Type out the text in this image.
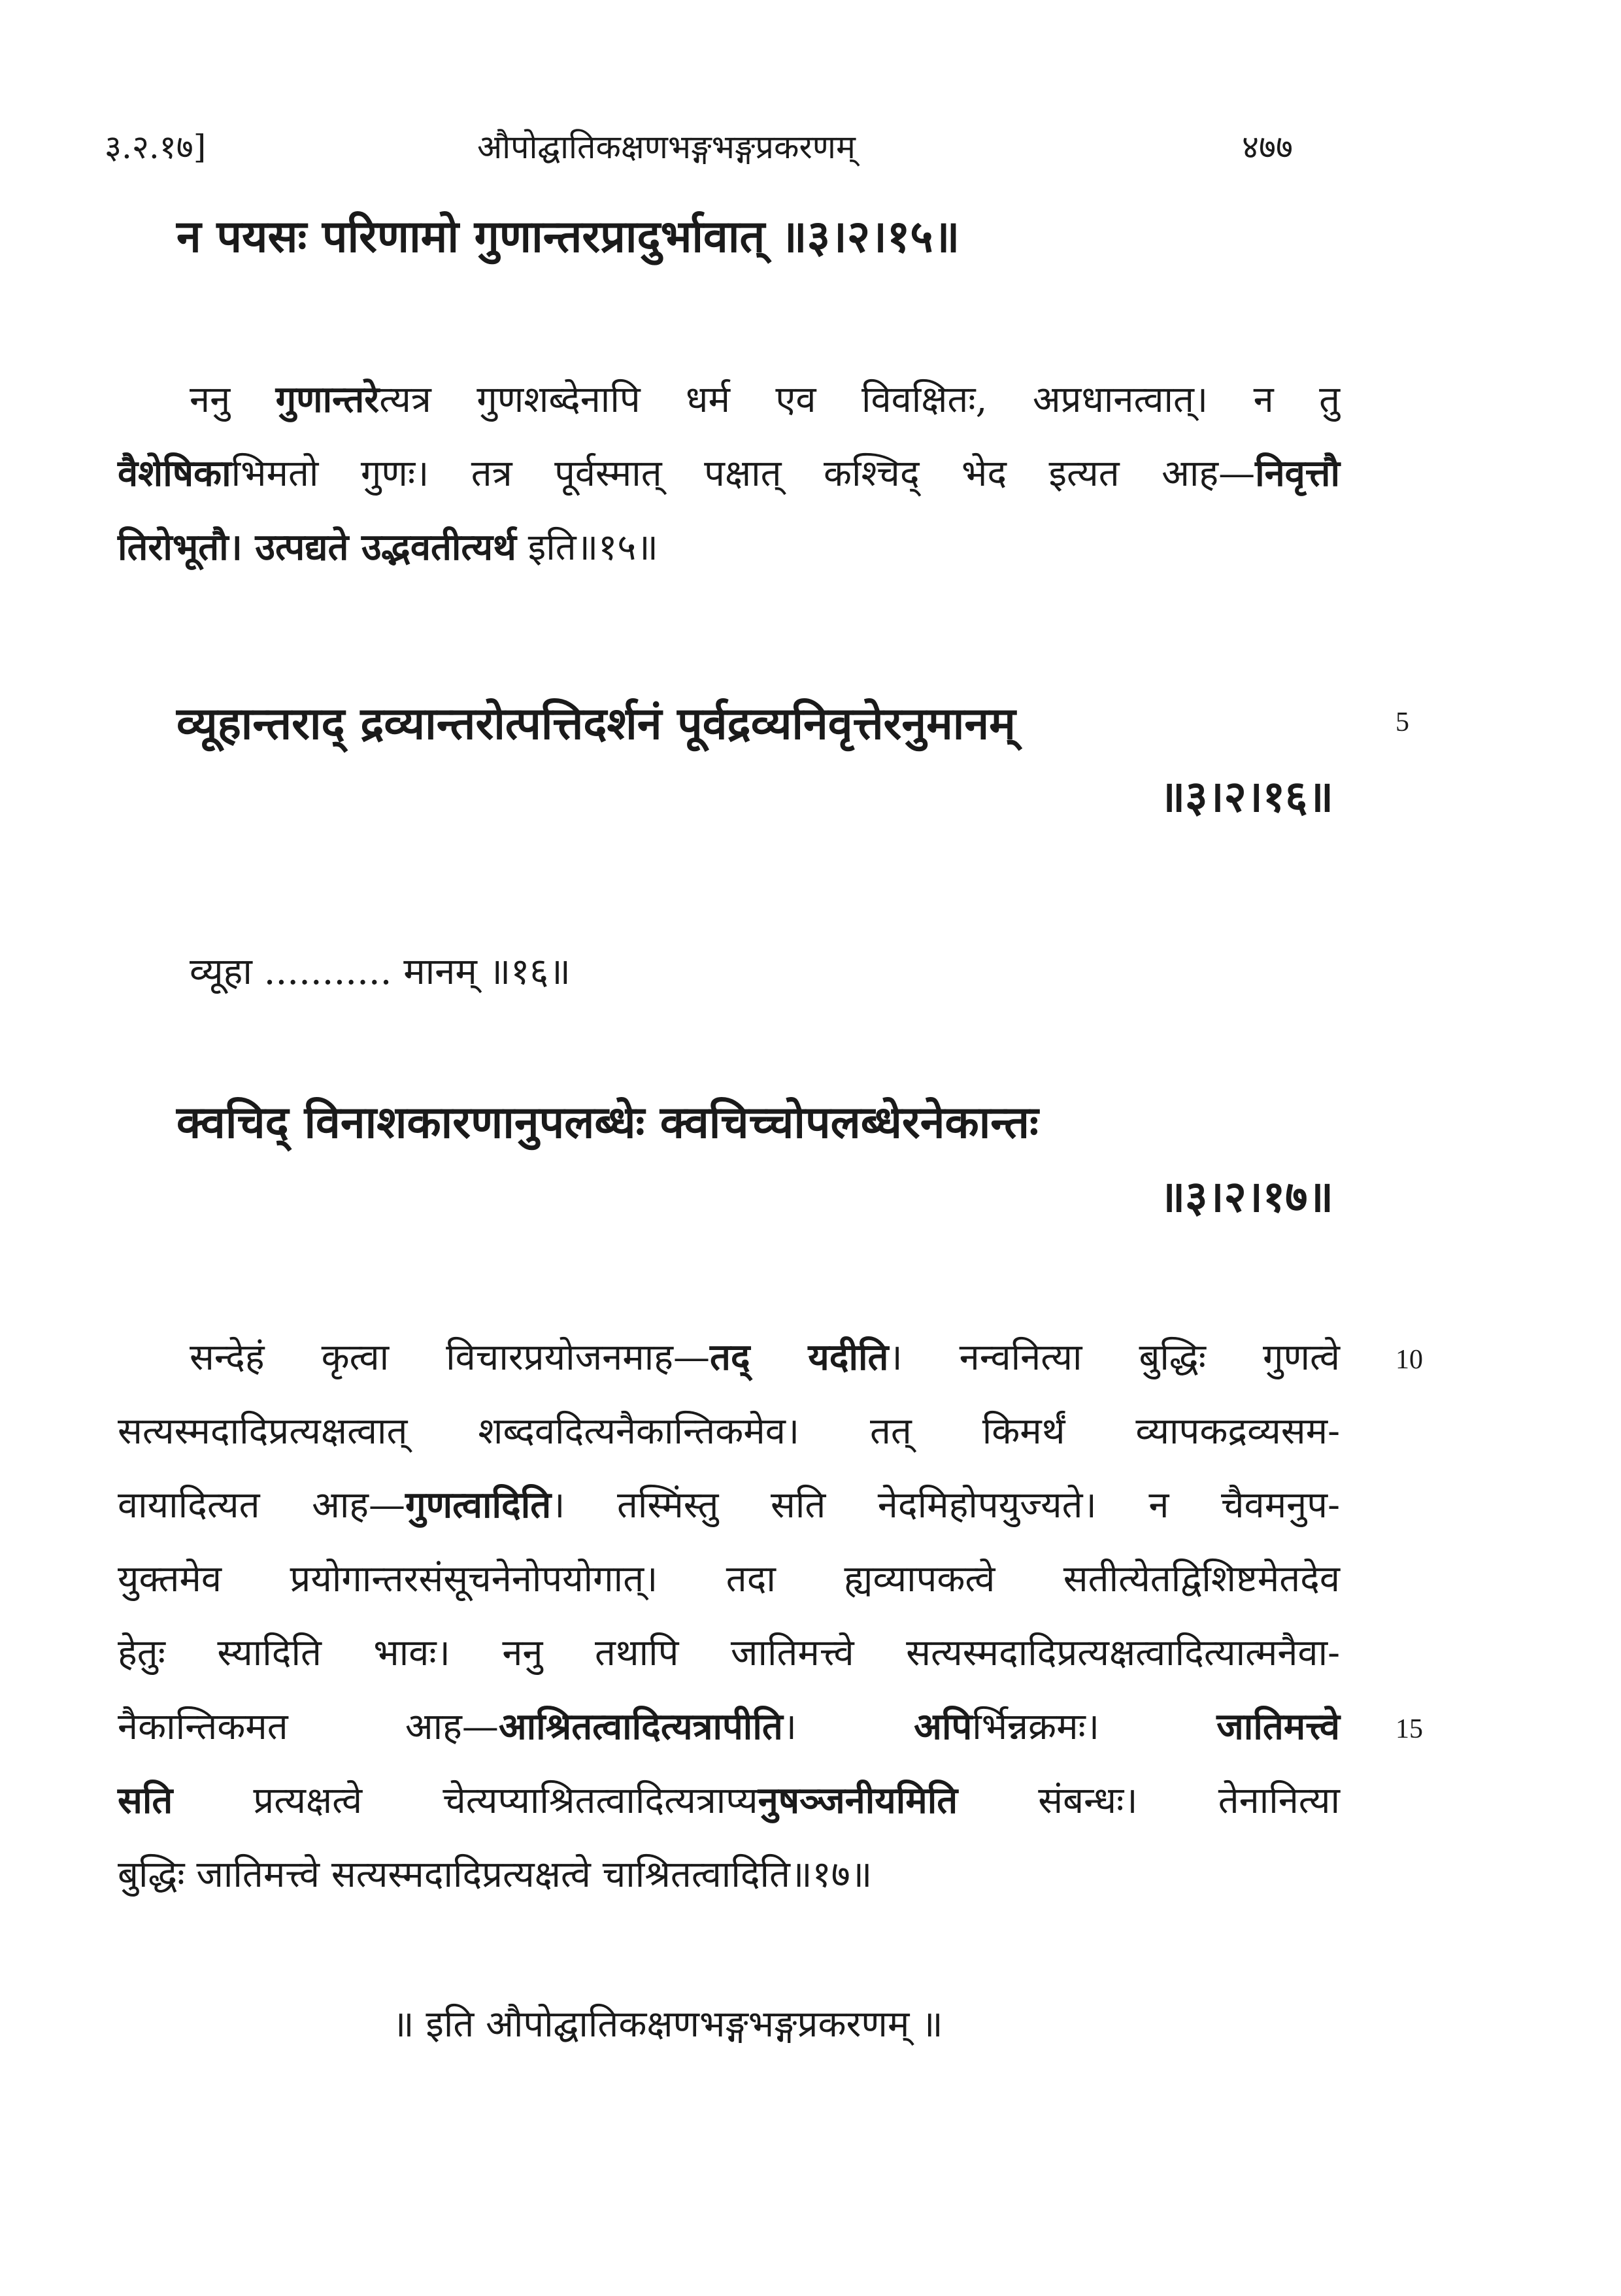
३.२.१७]	औपोद्घातिकक्षणभङ्गभङ्गप्रकरणम्	४७७
न पयसः परिणामो गुणान्तरप्रादुर्भावात् ॥३।२।१५॥
ननु गुणान्तरेत्यत्र गुणशब्देनापि धर्म एव विवक्षितः, अप्रधानत्वात्। न तु
वैशेषिकाभिमतो गुणः। तत्र पूर्वस्मात् पक्षात् कश्चिद् भेद इत्यत आह—निवृत्तौ
तिरोभूतौ। उत्पद्यते उद्भवतीत्यर्थ इति॥१५॥
व्यूहान्तराद् द्रव्यान्तरोत्पत्तिदर्शनं पूर्वद्रव्यनिवृत्तेरनुमानम्
॥३।२।१६॥
5
व्यूहा ........... मानम् ॥१६॥
क्वचिद् विनाशकारणानुपलब्धेः क्वचिच्चोपलब्धेरनेकान्तः
॥३।२।१७॥
सन्देहं कृत्वा विचारप्रयोजनमाह—तद् यदीति। नन्वनित्या बुद्धिः गुणत्वे
सत्यस्मदादिप्रत्यक्षत्वात् शब्दवदित्यनैकान्तिकमेव। तत् किमर्थं व्यापकद्रव्यसम-
वायादित्यत आह—गुणत्वादिति। तस्मिंस्तु सति नेदमिहोपयुज्यते। न चैवमनुप-
युक्तमेव प्रयोगान्तरसंसूचनेनोपयोगात्। तदा ह्यव्यापकत्वे सतीत्येतद्विशिष्टमेतदेव
हेतुः स्यादिति भावः। ननु तथापि जातिमत्त्वे सत्यस्मदादिप्रत्यक्षत्वादित्यात्मनैवा-
नैकान्तिकमत आह—आश्रितत्वादित्यत्रापीति। अपिर्भिन्नक्रमः। जातिमत्त्वे
सति प्रत्यक्षत्वे चेत्यप्याश्रितत्वादित्यत्राप्यनुषञ्जनीयमिति संबन्धः। तेनानित्या
बुद्धिः जातिमत्त्वे सत्यस्मदादिप्रत्यक्षत्वे चाश्रितत्वादिति॥१७॥
10
15
॥ इति औपोद्घातिकक्षणभङ्गभङ्गप्रकरणम् ॥
